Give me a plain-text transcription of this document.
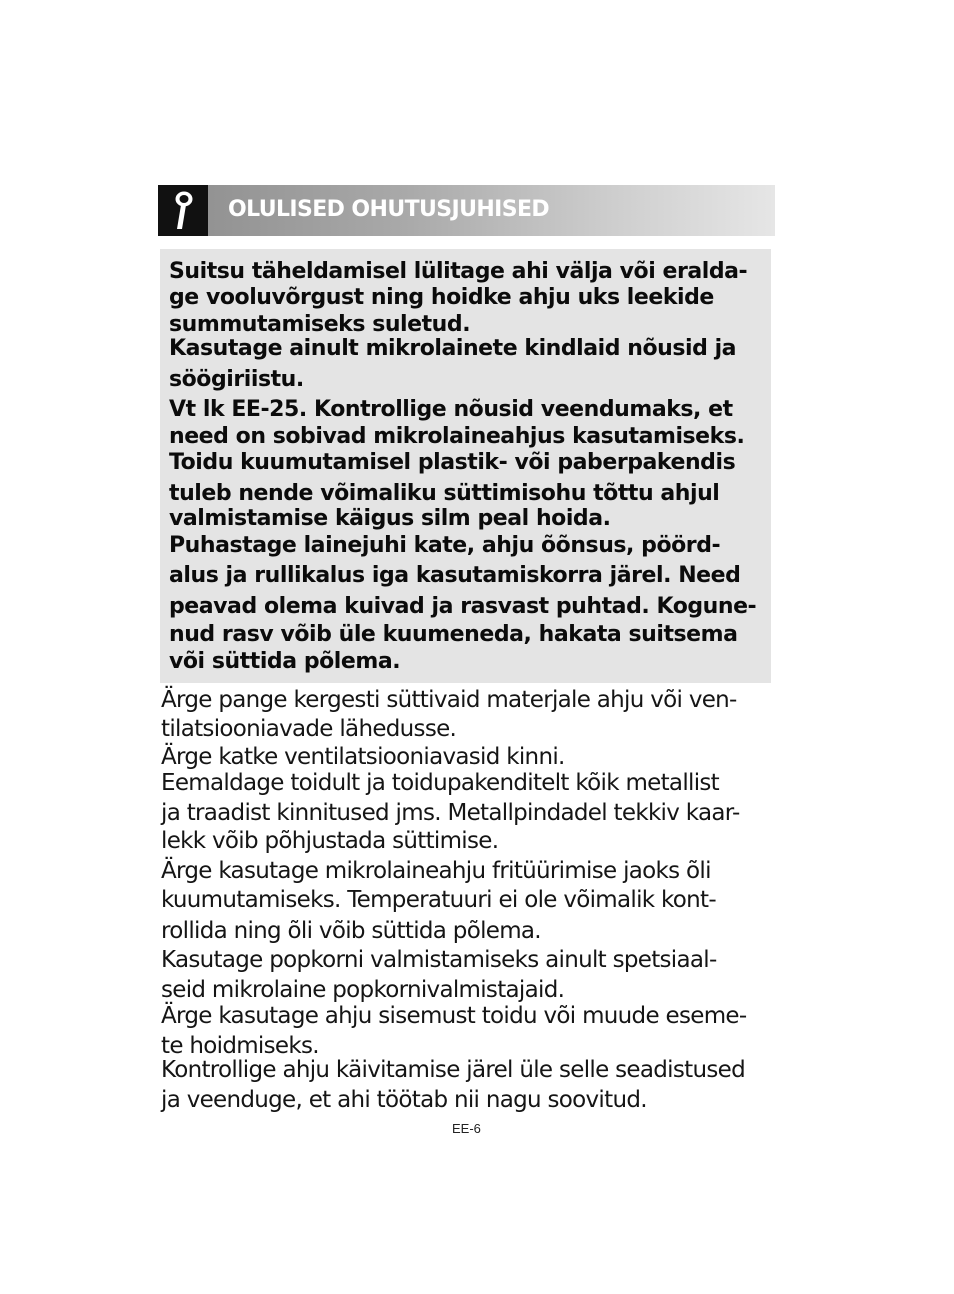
OLULISED OHUTUSJUHISED
Suitsu täheldamisel lülitage ahi välja või eralda-
ge vooluvõrgust ning hoidke ahju uks leekide
summutamiseks suletud.
Kasutage ainult mikrolainete kindlaid nõusid ja
söögiriistu.
Vt lk EE-25. Kontrollige nõusid veendumaks, et
need on sobivad mikrolaineahjus kasutamiseks.
Toidu kuumutamisel plastik- või paberpakendis
tuleb nende võimaliku süttimisohu tõttu ahjul
valmistamise käigus silm peal hoida.
Puhastage lainejuhi kate, ahju õõnsus, pöörd-
alus ja rullikalus iga kasutamiskorra järel. Need
peavad olema kuivad ja rasvast puhtad. Kogune-
nud rasv võib üle kuumeneda, hakata suitsema
või süttida põlema.
Ärge pange kergesti süttivaid materjale ahju või ven-
tilatsiooniavade lähedusse.
Ärge katke ventilatsiooniavasid kinni.
Eemaldage toidult ja toidupakenditelt kõik metallist
ja traadist kinnitused jms. Metallpindadel tekkiv kaar-
lekk võib põhjustada süttimise.
Ärge kasutage mikrolaineahju fritüürimise jaoks õli
kuumutamiseks. Temperatuuri ei ole võimalik kont-
rollida ning õli võib süttida põlema.
Kasutage popkorni valmistamiseks ainult spetsiaal-
seid mikrolaine popkornivalmistajaid.
Ärge kasutage ahju sisemust toidu või muude eseme-
te hoidmiseks.
Kontrollige ahju käivitamise järel üle selle seadistused
ja veenduge, et ahi töötab nii nagu soovitud.
EE-6
